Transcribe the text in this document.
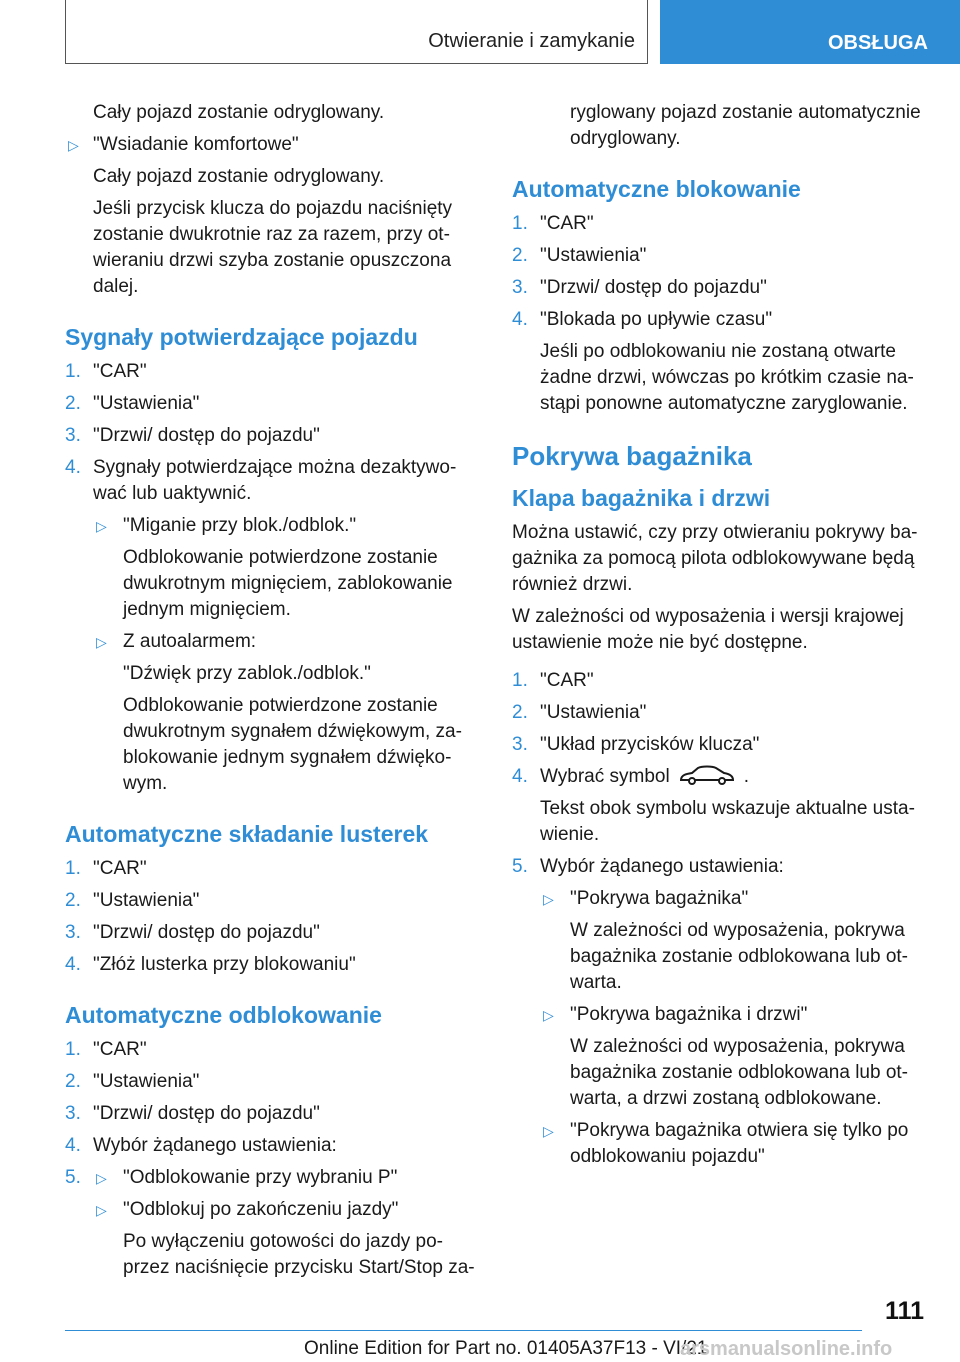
Otwieranie i zamykanie	OBSŁUGA
Cały pojazd zostanie odryglowany.
▷ "Wsiadanie komfortowe"
Cały pojazd zostanie odryglowany.
Jeśli przycisk klucza do pojazdu naciśnięty zostanie dwukrotnie raz za razem, przy ot-wieraniu drzwi szyba zostanie opuszczona dalej.
Sygnały potwierdzające pojazdu
1. "CAR"
2. "Ustawienia"
3. "Drzwi/ dostęp do pojazdu"
4. Sygnały potwierdzające można dezaktywo-wać lub uaktywnić.
▷ "Miganie przy blok./odblok."
Odblokowanie potwierdzone zostanie dwukrotnym mignięciem, zablokowanie jednym mignięciem.
▷ Z autoalarmem:
"Dźwięk przy zablok./odblok."
Odblokowanie potwierdzone zostanie dwukrotnym sygnałem dźwiękowym, za-blokowanie jednym sygnałem dźwięko-wym.
Automatyczne składanie lusterek
1. "CAR"
2. "Ustawienia"
3. "Drzwi/ dostęp do pojazdu"
4. "Złóż lusterka przy blokowaniu"
Automatyczne odblokowanie
1. "CAR"
2. "Ustawienia"
3. "Drzwi/ dostęp do pojazdu"
4. Wybór żądanego ustawienia:
5. ▷ "Odblokowanie przy wybraniu P"
▷ "Odblokuj po zakończeniu jazdy"
Po wyłączeniu gotowości do jazdy po-przez naciśnięcie przycisku Start/Stop za-
ryglowany pojazd zostanie automatycznie odryglowany.
Automatyczne blokowanie
1. "CAR"
2. "Ustawienia"
3. "Drzwi/ dostęp do pojazdu"
4. "Blokada po upływie czasu"
Jeśli po odblokowaniu nie zostaną otwarte żadne drzwi, wówczas po krótkim czasie na-stąpi ponowne automatyczne zaryglowanie.
Pokrywa bagażnika
Klapa bagażnika i drzwi
Można ustawić, czy przy otwieraniu pokrywy ba-gażnika za pomocą pilota odblokowywane będą również drzwi.
W zależności od wyposażenia i wersji krajowej ustawienie może nie być dostępne.
1. "CAR"
2. "Ustawienia"
3. "Układ przycisków klucza"
4. Wybrać symbol	.
Tekst obok symbolu wskazuje aktualne usta-wienie.
5. Wybór żądanego ustawienia:
▷ "Pokrywa bagażnika"
W zależności od wyposażenia, pokrywa bagażnika zostanie odblokowana lub ot-warta.
▷ "Pokrywa bagażnika i drzwi"
W zależności od wyposażenia, pokrywa bagażnika zostanie odblokowana lub ot-warta, a drzwi zostaną odblokowane.
▷ "Pokrywa bagażnika otwiera się tylko po odblokowaniu pojazdu"
111
Online Edition for Part no. 01405A37F13 - VI/21
arsmanualsonline.info
